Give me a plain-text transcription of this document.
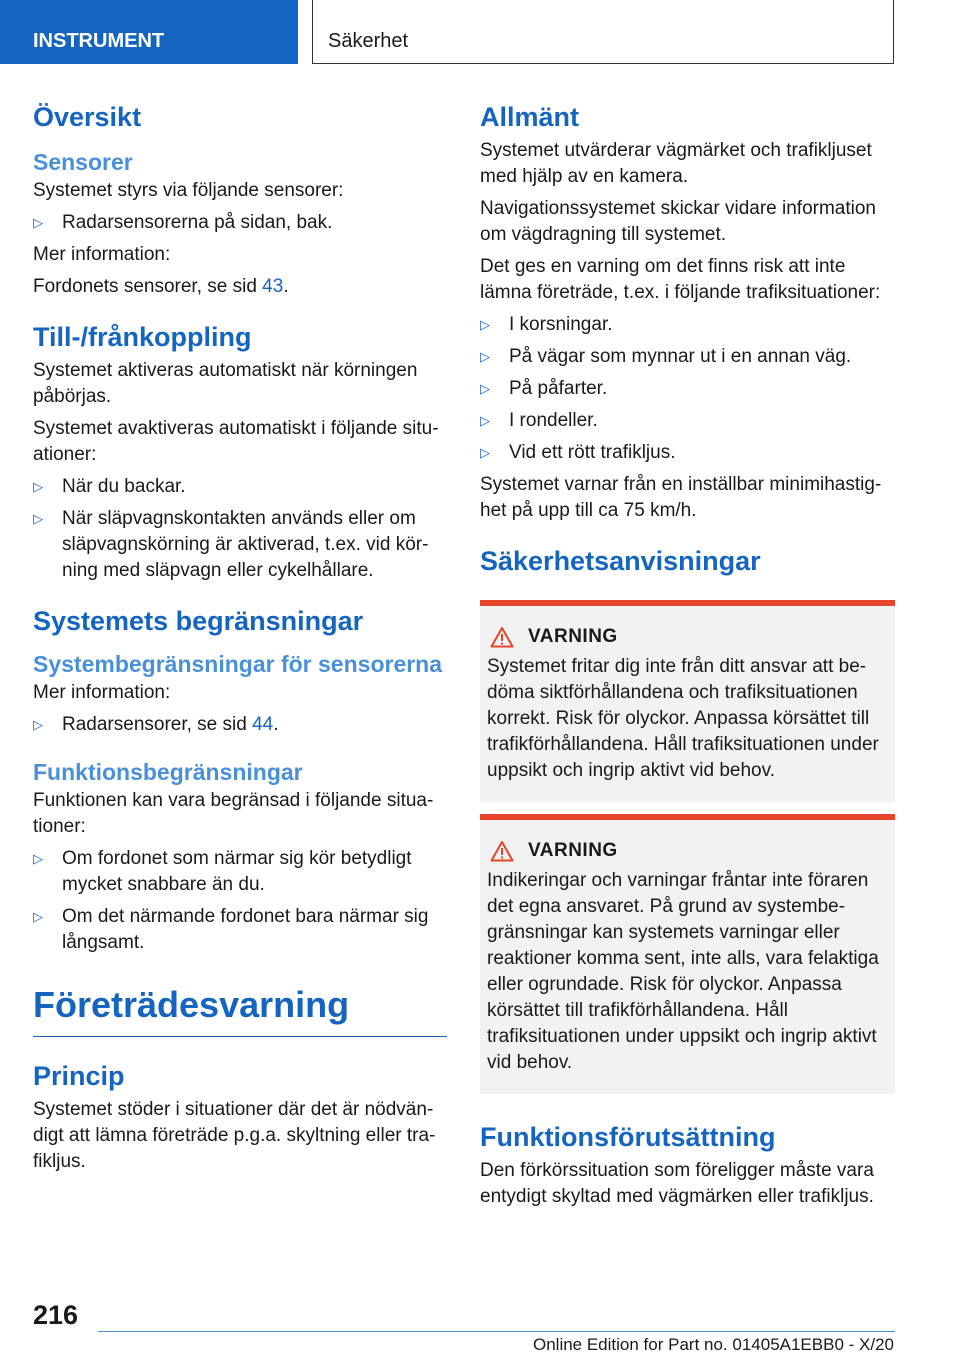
INSTRUMENT	Säkerhet
Översikt
Sensorer

Systemet styrs via följande sensorer:

▷ Radarsensorerna på sidan, bak.

Mer information:

Fordonets sensorer, se sid 43.

Till-/frånkoppling

Systemet aktiveras automatiskt när körningen påbörjas.

Systemet avaktiveras automatiskt i följande situationer:

▷ När du backar.
▷ När släpvagnskontakten används eller om släpvagnskörning är aktiverad, t.ex. vid körning med släpvagn eller cykelhållare.
Systemets begränsningar
Systembegränsningar för sensorerna

Mer information:

▷ Radarsensorer, se sid 44.
Funktionsbegränsningar

Funktionen kan vara begränsad i följande situationer:

▷ Om fordonet som närmar sig kör betydligt mycket snabbare än du.
▷ Om det närmande fordonet bara närmar sig långsamt.
Företrädesvarning
Princip

Systemet stöder i situationer där det är nödvändigt att lämna företräde p.g.a. skyltning eller trafikljus.

Allmänt

Systemet utvärderar vägmärket och trafikljuset med hjälp av en kamera.

Navigationssystemet skickar vidare information om vägdragning till systemet.

Det ges en varning om det finns risk att inte lämna företräde, t.ex. i följande trafiksituationer:

▷ I korsningar.
▷ På vägar som mynnar ut i en annan väg.
▷ På påfarter.
▷ I rondeller.
▷ Vid ett rött trafikljus.

Systemet varnar från en inställbar minimihastighet på upp till ca 75 km/h.

Säkerhetsanvisningar
VARNING

Systemet fritar dig inte från ditt ansvar att bedöma siktförhållandena och trafiksituationen korrekt. Risk för olyckor. Anpassa körsättet till trafikförhållandena. Håll trafiksituationen under uppsikt och ingrip aktivt vid behov.

VARNING

Indikeringar och varningar fråntar inte föraren det egna ansvaret. På grund av systembegränsningar kan systemets varningar eller reaktioner komma sent, inte alls, vara felaktiga eller ogrundade. Risk för olyckor. Anpassa körsättet till trafikförhållandena. Håll trafiksituationen under uppsikt och ingrip aktivt vid behov.

Funktionsförutsättning

Den förkörssituation som föreligger måste vara entydigt skyltad med vägmärken eller trafikljus.

216
Online Edition for Part no. 01405A1EBB0 - X/20
